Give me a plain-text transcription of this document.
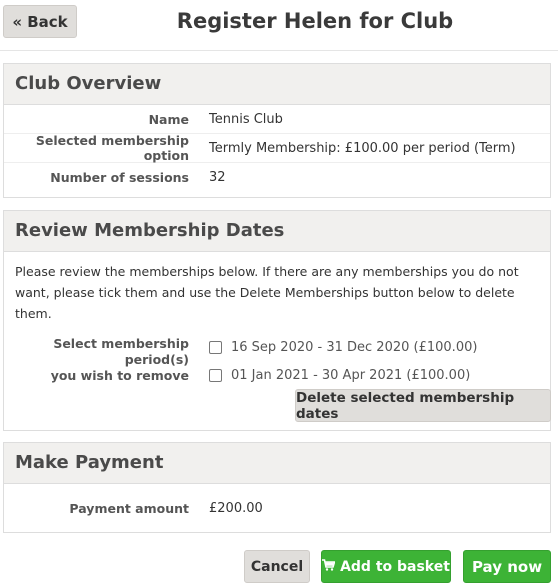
« Back	Register Helen for Club
Club Overview
Name	Tennis Club
Selected membership option	Termly Membership: £100.00 per period (Term)
Number of sessions	32
Review Membership Dates
Please review the memberships below. If there are any memberships you do not want, please tick them and use the Delete Memberships button below to delete them.
Select membership period(s)
you wish to remove
16 Sep 2020 - 31 Dec 2020 (£100.00)
01 Jan 2021 - 30 Apr 2021 (£100.00)
Delete selected membership dates
Make Payment
Payment amount	£200.00
Cancel	Add to basket	Pay now
